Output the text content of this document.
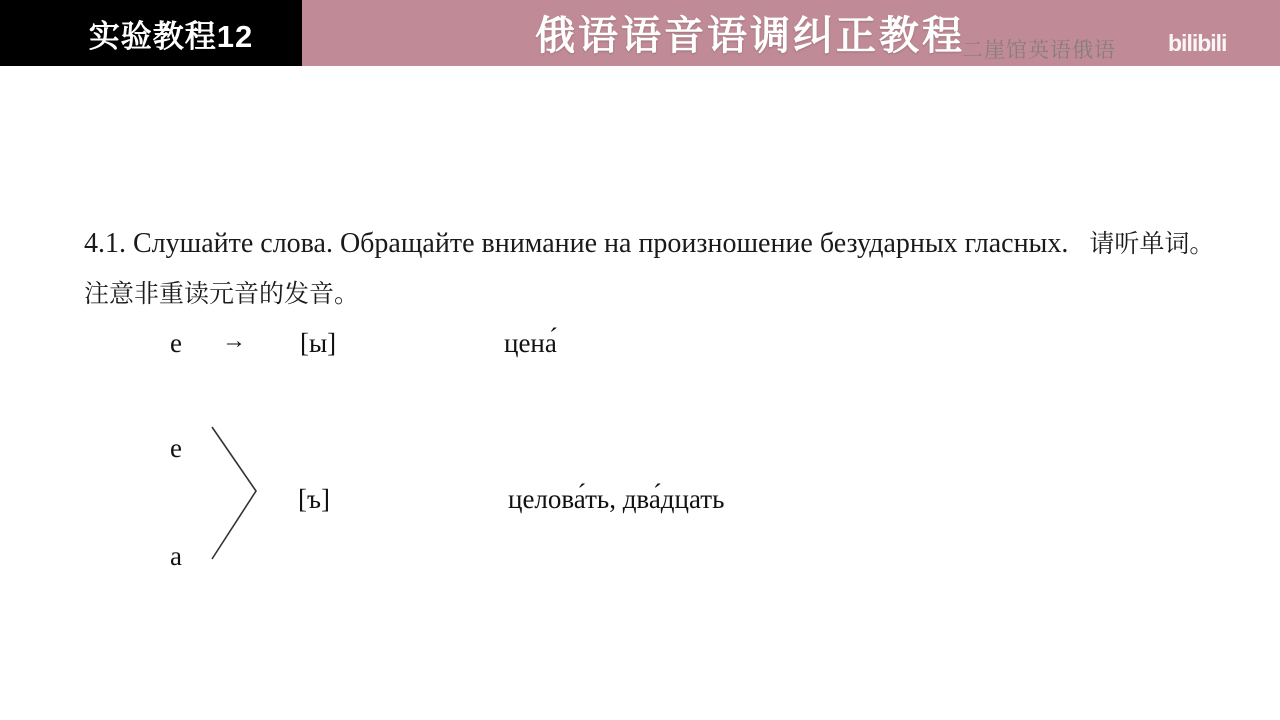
实验教程12	俄语语音语调纠正教程
二崖馆英语俄语 bilibili
4.1. Слушайте слова. Обращайте внимание на произношение безударных гласных. 请听单词。注意非重读元音的发音。
е → [ы]	цена́
е
а
[ъ]	целова́ть, два́дцать
